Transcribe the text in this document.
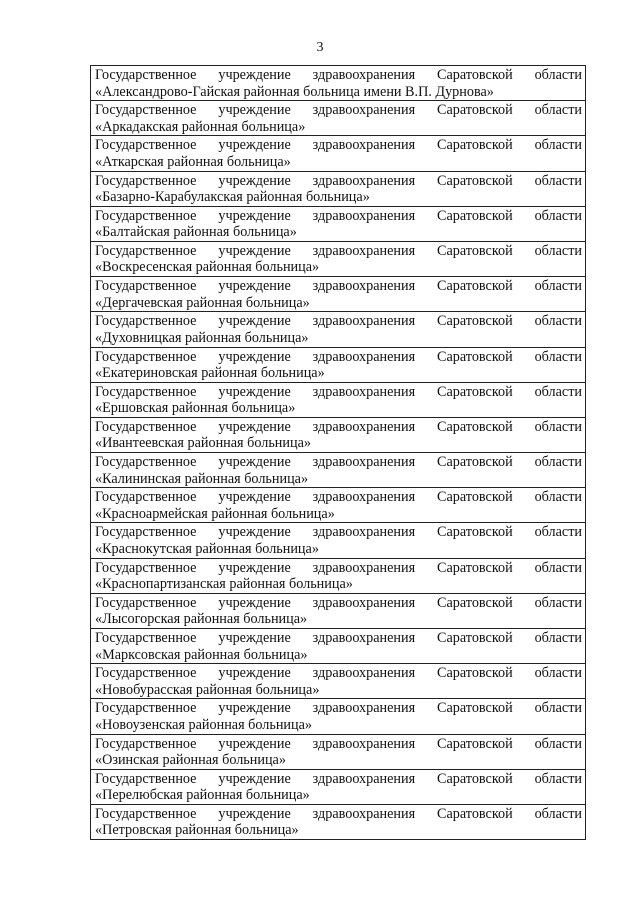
3
Государственное учреждение здравоохранения Саратовской области
«Александрово-Гайская районная больница имени В.П. Дурнова»
Государственное учреждение здравоохранения Саратовской области
«Аркадакская районная больница»
Государственное учреждение здравоохранения Саратовской области
«Аткарская районная больница»
Государственное учреждение здравоохранения Саратовской области
«Базарно-Карабулакская районная больница»
Государственное учреждение здравоохранения Саратовской области
«Балтайская районная больница»
Государственное учреждение здравоохранения Саратовской области
«Воскресенская районная больница»
Государственное учреждение здравоохранения Саратовской области
«Дергачевская районная больница»
Государственное учреждение здравоохранения Саратовской области
«Духовницкая районная больница»
Государственное учреждение здравоохранения Саратовской области
«Екатериновская районная больница»
Государственное учреждение здравоохранения Саратовской области
«Ершовская районная больница»
Государственное учреждение здравоохранения Саратовской области
«Ивантеевская районная больница»
Государственное учреждение здравоохранения Саратовской области
«Калининская районная больница»
Государственное учреждение здравоохранения Саратовской области
«Красноармейская районная больница»
Государственное учреждение здравоохранения Саратовской области
«Краснокутская районная больница»
Государственное учреждение здравоохранения Саратовской области
«Краснопартизанская районная больница»
Государственное учреждение здравоохранения Саратовской области
«Лысогорская районная больница»
Государственное учреждение здравоохранения Саратовской области
«Марксовская районная больница»
Государственное учреждение здравоохранения Саратовской области
«Новобурасская районная больница»
Государственное учреждение здравоохранения Саратовской области
«Новоузенская районная больница»
Государственное учреждение здравоохранения Саратовской области
«Озинская районная больница»
Государственное учреждение здравоохранения Саратовской области
«Перелюбская районная больница»
Государственное учреждение здравоохранения Саратовской области
«Петровская районная больница»
